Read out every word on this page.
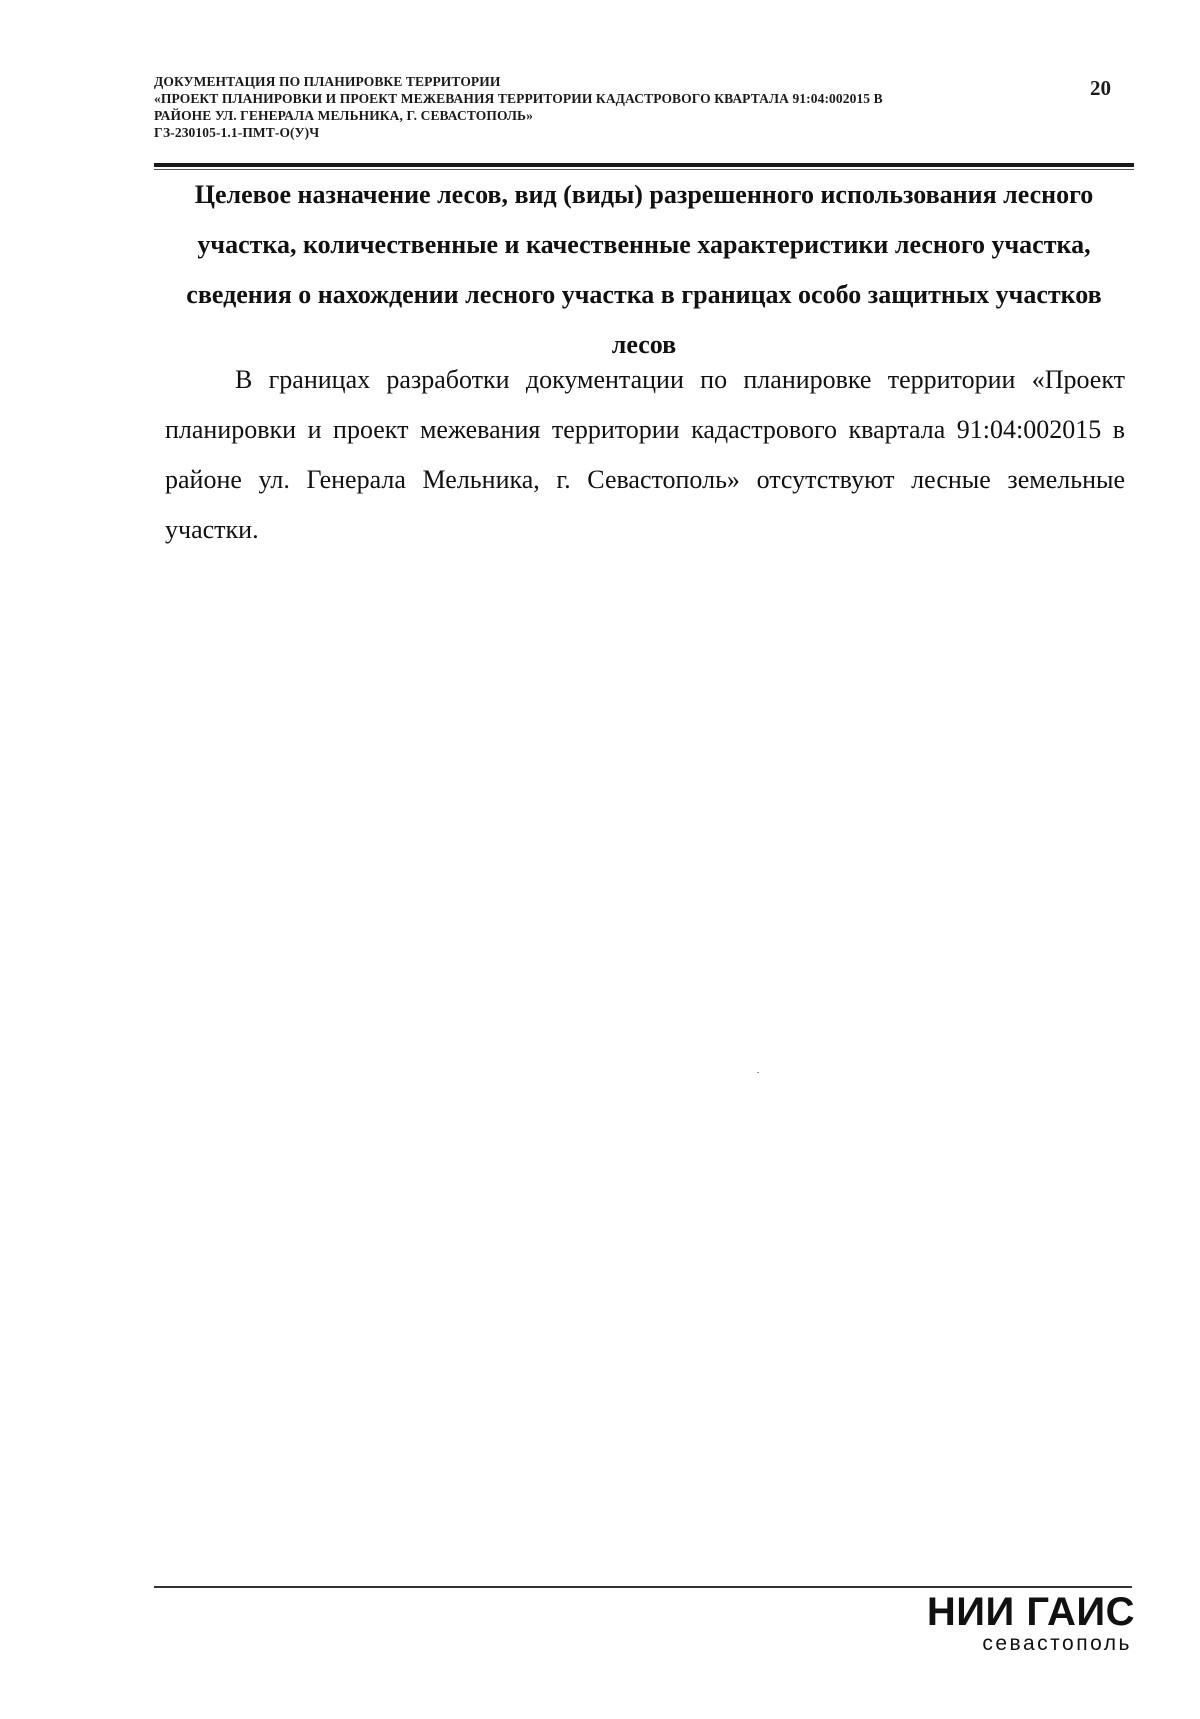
ДОКУМЕНТАЦИЯ ПО ПЛАНИРОВКЕ ТЕРРИТОРИИ
«ПРОЕКТ ПЛАНИРОВКИ И ПРОЕКТ МЕЖЕВАНИЯ ТЕРРИТОРИИ КАДАСТРОВОГО КВАРТАЛА 91:04:002015 В
РАЙОНЕ УЛ. ГЕНЕРАЛА МЕЛЬНИКА, Г. СЕВАСТОПОЛЬ»
ГЗ-230105-1.1-ПМТ-О(У)Ч
20
Целевое назначение лесов, вид (виды) разрешенного использования лесного
участка, количественные и качественные характеристики лесного участка,
сведения о нахождении лесного участка в границах особо защитных участков
лесов
В границах разработки документации по планировке территории «Проект
планировки и проект межевания территории кадастрового квартала 91:04:002015 в
районе ул. Генерала Мельника, г. Севастополь» отсутствуют лесные земельные
участки.
НИИ ГАИС
севастополь
